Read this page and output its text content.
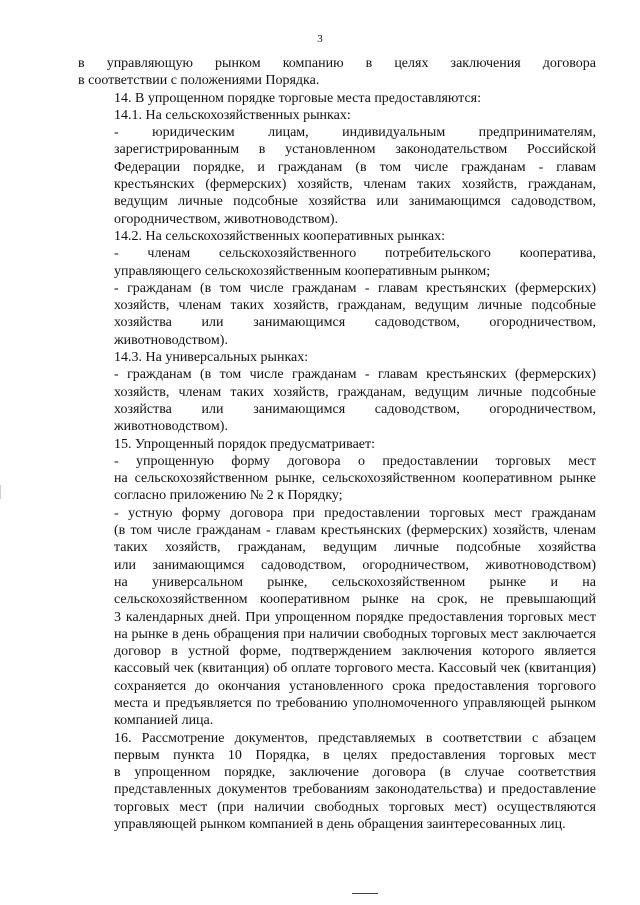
3

в управляющую рынком компанию в целях заключения договора
в соответствии с положениями Порядка.

14. В упрощенном порядке торговые места предоставляются:

14.1. На сельскохозяйственных рынках:

- юридическим лицам, индивидуальным предпринимателям,
зарегистрированным в установленном законодательством Российской
Федерации порядке, и гражданам (в том числе гражданам - главам
крестьянских (фермерских) хозяйств, членам таких хозяйств, гражданам,
ведущим личные подсобные хозяйства или занимающимся садоводством,
огородничеством, животноводством).

14.2. На сельскохозяйственных кооперативных рынках:

- членам сельскохозяйственного потребительского кооператива,
управляющего сельскохозяйственным кооперативным рынком;

- гражданам (в том числе гражданам - главам крестьянских (фермерских)
хозяйств, членам таких хозяйств, гражданам, ведущим личные подсобные
хозяйства или занимающимся садоводством, огородничеством,
животноводством).

14.3. На универсальных рынках:

- гражданам (в том числе гражданам - главам крестьянских (фермерских)
хозяйств, членам таких хозяйств, гражданам, ведущим личные подсобные
хозяйства или занимающимся садоводством, огородничеством,
животноводством).

15. Упрощенный порядок предусматривает:

- упрощенную форму договора о предоставлении торговых мест
на сельскохозяйственном рынке, сельскохозяйственном кооперативном рынке
согласно приложению № 2 к Порядку;

- устную форму договора при предоставлении торговых мест гражданам
(в том числе гражданам - главам крестьянских (фермерских) хозяйств, членам
таких хозяйств, гражданам, ведущим личные подсобные хозяйства
или занимающимся садоводством, огородничеством, животноводством)
на универсальном рынке, сельскохозяйственном рынке и на
сельскохозяйственном кооперативном рынке на срок, не превышающий
3 календарных дней. При упрощенном порядке предоставления торговых мест
на рынке в день обращения при наличии свободных торговых мест заключается
договор в устной форме, подтверждением заключения которого является
кассовый чек (квитанция) об оплате торгового места. Кассовый чек (квитанция)
сохраняется до окончания установленного срока предоставления торгового
места и предъявляется по требованию уполномоченного управляющей рынком
компанией лица.

16. Рассмотрение документов, представляемых в соответствии с абзацем
первым пункта 10 Порядка, в целях предоставления торговых мест
в упрощенном порядке, заключение договора (в случае соответствия
представленных документов требованиям законодательства) и предоставление
торговых мест (при наличии свободных торговых мест) осуществляются
управляющей рынком компанией в день обращения заинтересованных лиц.
